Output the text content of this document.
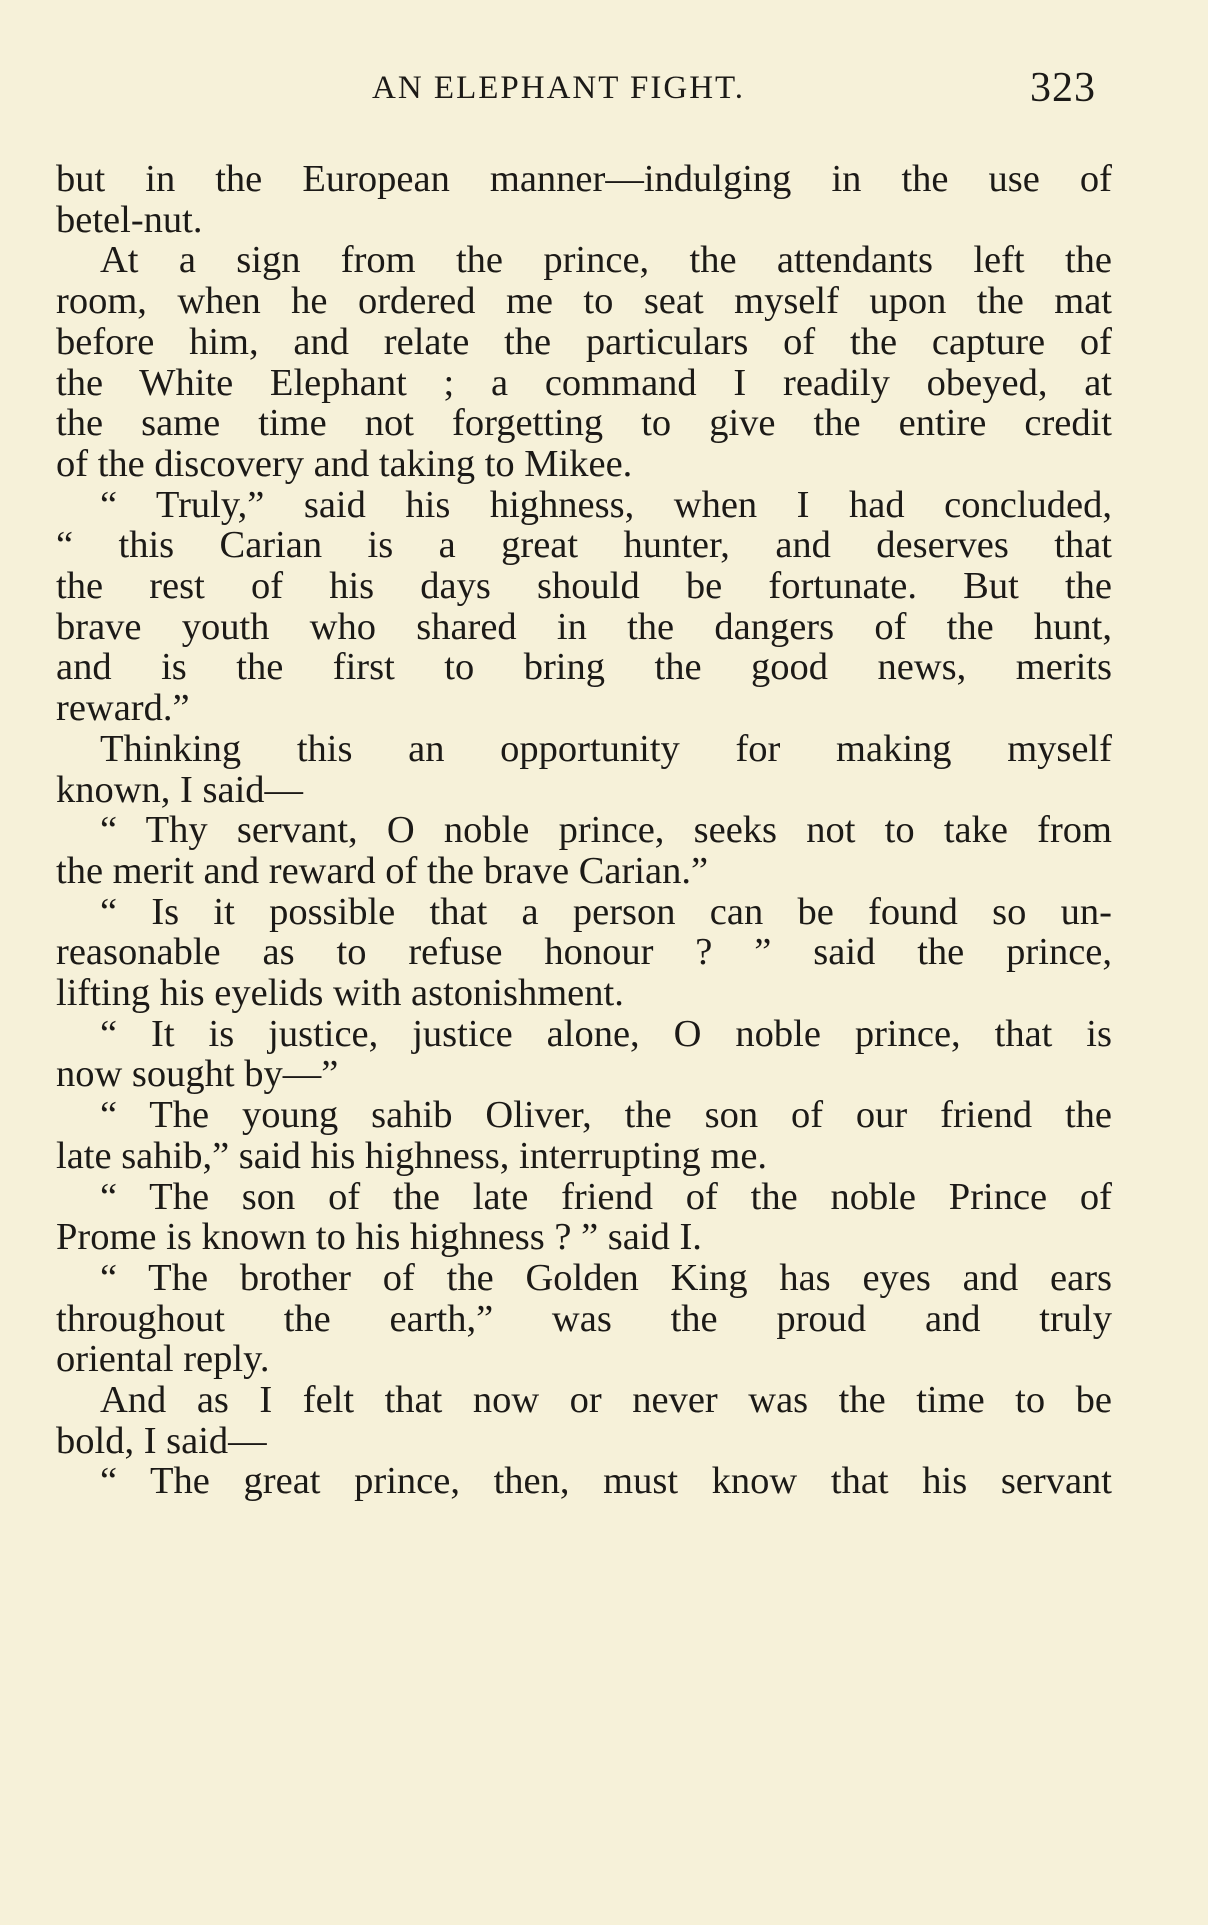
AN ELEPHANT FIGHT.	323
but in the European manner—indulging in the use of
betel-nut.
At a sign from the prince, the attendants left the
room, when he ordered me to seat myself upon the mat
before him, and relate the particulars of the capture of
the White Elephant ; a command I readily obeyed, at
the same time not forgetting to give the entire credit
of the discovery and taking to Mikee.
“ Truly,” said his highness, when I had concluded,
“ this Carian is a great hunter, and deserves that
the rest of his days should be fortunate. But the
brave youth who shared in the dangers of the hunt,
and is the first to bring the good news, merits
reward.”
Thinking this an opportunity for making myself
known, I said—
“ Thy servant, O noble prince, seeks not to take from
the merit and reward of the brave Carian.”
“ Is it possible that a person can be found so un-
reasonable as to refuse honour ? ” said the prince,
lifting his eyelids with astonishment.
“ It is justice, justice alone, O noble prince, that is
now sought by—”
“ The young sahib Oliver, the son of our friend the
late sahib,” said his highness, interrupting me.
“ The son of the late friend of the noble Prince of
Prome is known to his highness ? ” said I.
“ The brother of the Golden King has eyes and ears
throughout the earth,” was the proud and truly
oriental reply.
And as I felt that now or never was the time to be
bold, I said—
“ The great prince, then, must know that his servant
